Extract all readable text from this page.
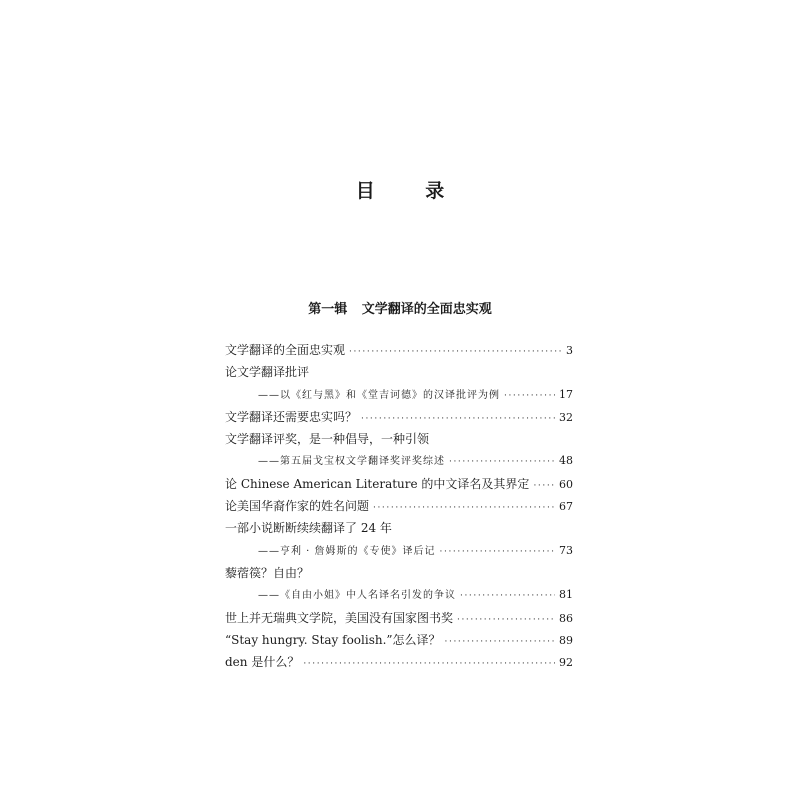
目 录
第一辑 文学翻译的全面忠实观
文学翻译的全面忠实观 ·····	3
论文学翻译批评
——以《红与黑》和《堂吉诃德》的汉译批评为例 ·····	17
文学翻译还需要忠实吗？ ·····	32
文学翻译评奖，是一种倡导，一种引领
——第五届戈宝权文学翻译奖评奖综述 ·····	48
论 Chinese American Literature 的中文译名及其界定 ·····	60
论美国华裔作家的姓名问题 ·····	67
一部小说断断续续翻译了 24 年
——亨利 · 詹姆斯的《专使》译后记 ·····	73
藜蓿篌？自由？
——《自由小姐》中人名译名引发的争议 ·····	81
世上并无瑞典文学院，美国没有国家图书奖 ·····	86
“Stay hungry. Stay foolish.”怎么译？ ·····	89
den 是什么？ ·····	92
